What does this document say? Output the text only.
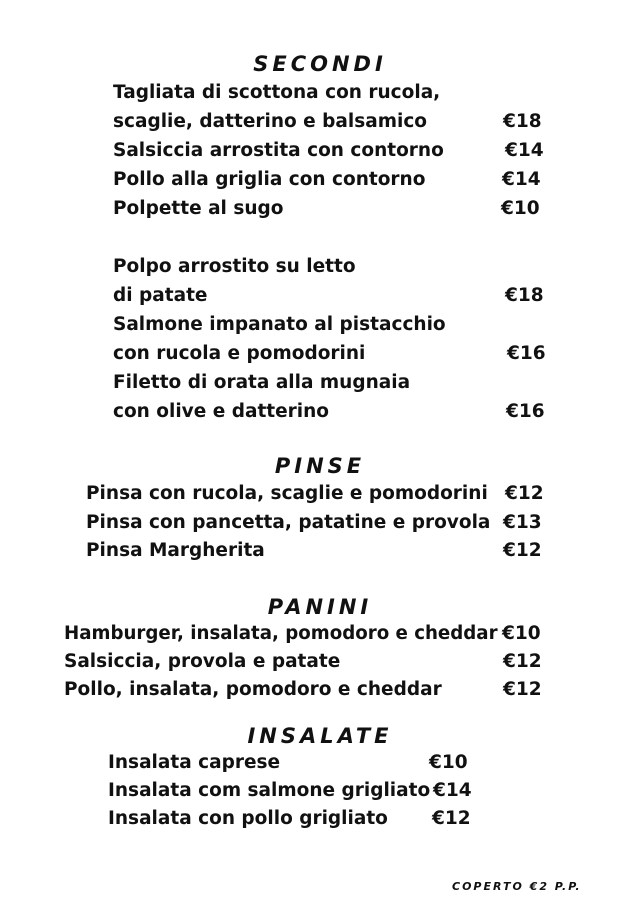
SECONDI
Tagliata di scottona con rucola,
scaglie, datterino e balsamico	€18
Salsiccia arrostita con contorno	€14
Pollo alla griglia con contorno	€14
Polpette al sugo	€10
Polpo arrostito su letto
di patate	€18
Salmone impanato al pistacchio
con rucola e pomodorini	€16
Filetto di orata alla mugnaia
con olive e datterino	€16
PINSE
Pinsa con rucola, scaglie e pomodorini €12
Pinsa con pancetta, patatine e provola €13
Pinsa Margherita	€12
PANINI
Hamburger, insalata, pomodoro e cheddar €10
Salsiccia, provola e patate	€12
Pollo, insalata, pomodoro e cheddar	€12
INSALATE
Insalata caprese	€10
Insalata com salmone grigliato €14
Insalata con pollo grigliato €12
COPERTO €2 P.P.
